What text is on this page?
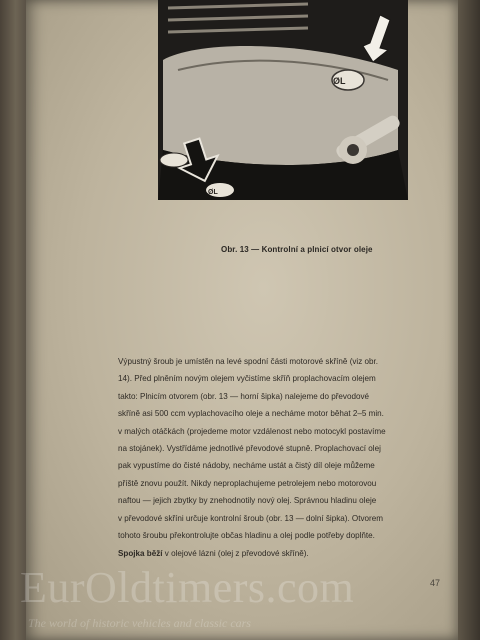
ØL
ØL
Obr. 13 — Kontrolní a plnicí otvor oleje
Výpustný šroub je umístěn na levé spodní části motorové skříně (viz obr.
14). Před plněním novým olejem vyčistíme skříň proplachovacím olejem
takto: Plnicím otvorem (obr. 13 — horní šipka) nalejeme do převodové
skříně asi 500 ccm vyplachovacího oleje a necháme motor běhat 2–5 min.
v malých otáčkách (projedeme motor vzdálenost nebo motocykl postavíme
na stojánek). Vystřídáme jednotlivé převodové stupně. Proplachovací olej
pak vypustíme do čisté nádoby, necháme ustát a čistý díl oleje můžeme
příště znovu použít. Nikdy neproplachujeme petrolejem nebo motorovou
naftou — jejich zbytky by znehodnotily nový olej. Správnou hladinu oleje
v převodové skříni určuje kontrolní šroub (obr. 13 — dolní šipka). Otvorem
tohoto šroubu překontrolujte občas hladinu a olej podle potřeby doplňte.
Spojka běží v olejové lázni (olej z převodové skříně).
47
EurOldtimers.com
The world of historic vehicles and classic cars
